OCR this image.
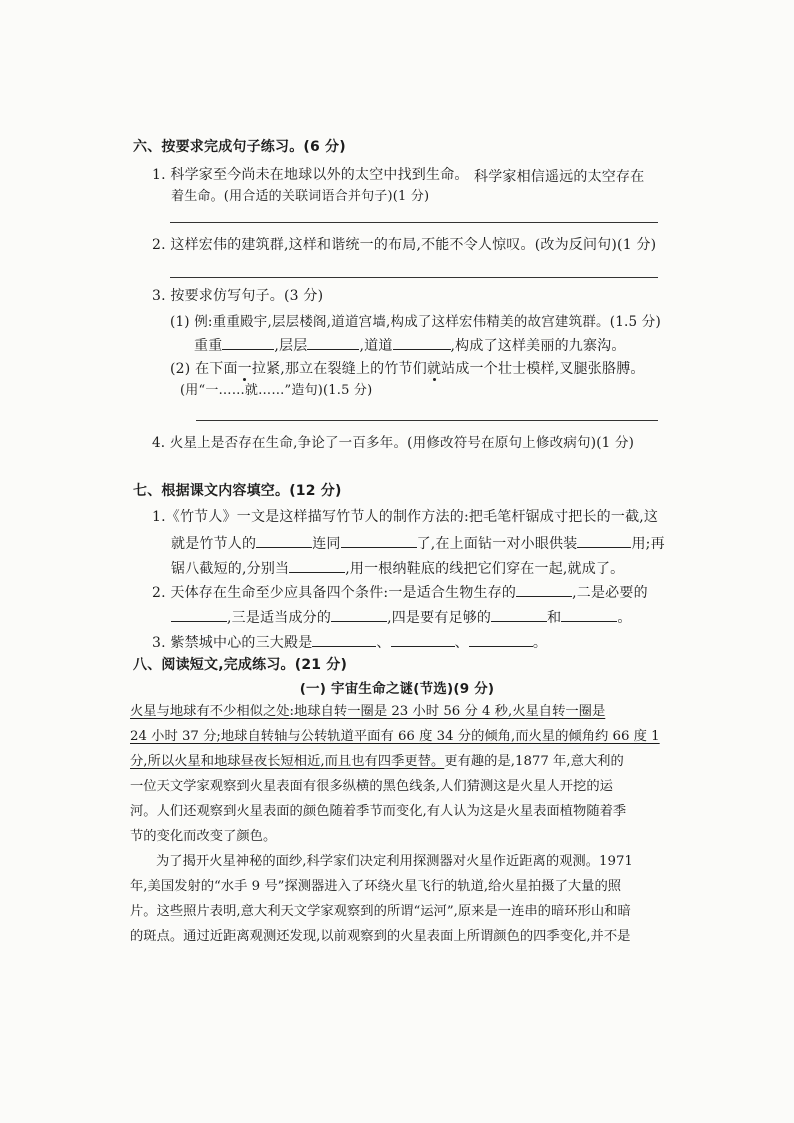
六、按要求完成句子练习。(6 分)
1. 科学家至今尚未在地球以外的太空中找到生命。 科学家相信遥远的太空存在
着生命。(用合适的关联词语合并句子)(1 分)
2. 这样宏伟的建筑群,这样和谐统一的布局,不能不令人惊叹。(改为反问句)(1 分)
3. 按要求仿写句子。(3 分)
(1) 例:重重殿宇,层层楼阁,道道宫墙,构成了这样宏伟精美的故宫建筑群。(1.5 分)
重重	,层层	,道道	,构成了这样美丽的九寨沟。
(2) 在下面一拉紧,那立在裂缝上的竹节们就站成一个壮士模样,叉腿张胳膊。
(用“一……就……”造句)(1.5 分)
4. 火星上是否存在生命,争论了一百多年。(用修改符号在原句上修改病句)(1 分)
七、根据课文内容填空。(12 分)
1.《竹节人》一文是这样描写竹节人的制作方法的:把毛笔杆锯成寸把长的一截,这
就是竹节人的	连同	了,在上面钻一对小眼供装	用;再
锯八截短的,分别当	,用一根纳鞋底的线把它们穿在一起,就成了。
2. 天体存在生命至少应具备四个条件:一是适合生物生存的	,二是必要的
,三是适当成分的	,四是要有足够的	和	。
3. 紫禁城中心的三大殿是	、	、	。
八、阅读短文,完成练习。(21 分)
(一) 宇宙生命之谜(节选)(9 分)
火星与地球有不少相似之处:地球自转一圈是 23 小时 56 分 4 秒,火星自转一圈是
24 小时 37 分;地球自转轴与公转轨道平面有 66 度 34 分的倾角,而火星的倾角约 66 度 1
分,所以火星和地球昼夜长短相近,而且也有四季更替。更有趣的是,1877 年,意大利的
一位天文学家观察到火星表面有很多纵横的黑色线条,人们猜测这是火星人开挖的运
河。人们还观察到火星表面的颜色随着季节而变化,有人认为这是火星表面植物随着季
节的变化而改变了颜色。
为了揭开火星神秘的面纱,科学家们决定利用探测器对火星作近距离的观测。1971
年,美国发射的“水手 9 号”探测器进入了环绕火星飞行的轨道,给火星拍摄了大量的照
片。这些照片表明,意大利天文学家观察到的所谓“运河”,原来是一连串的暗环形山和暗
的斑点。通过近距离观测还发现,以前观察到的火星表面上所谓颜色的四季变化,并不是
